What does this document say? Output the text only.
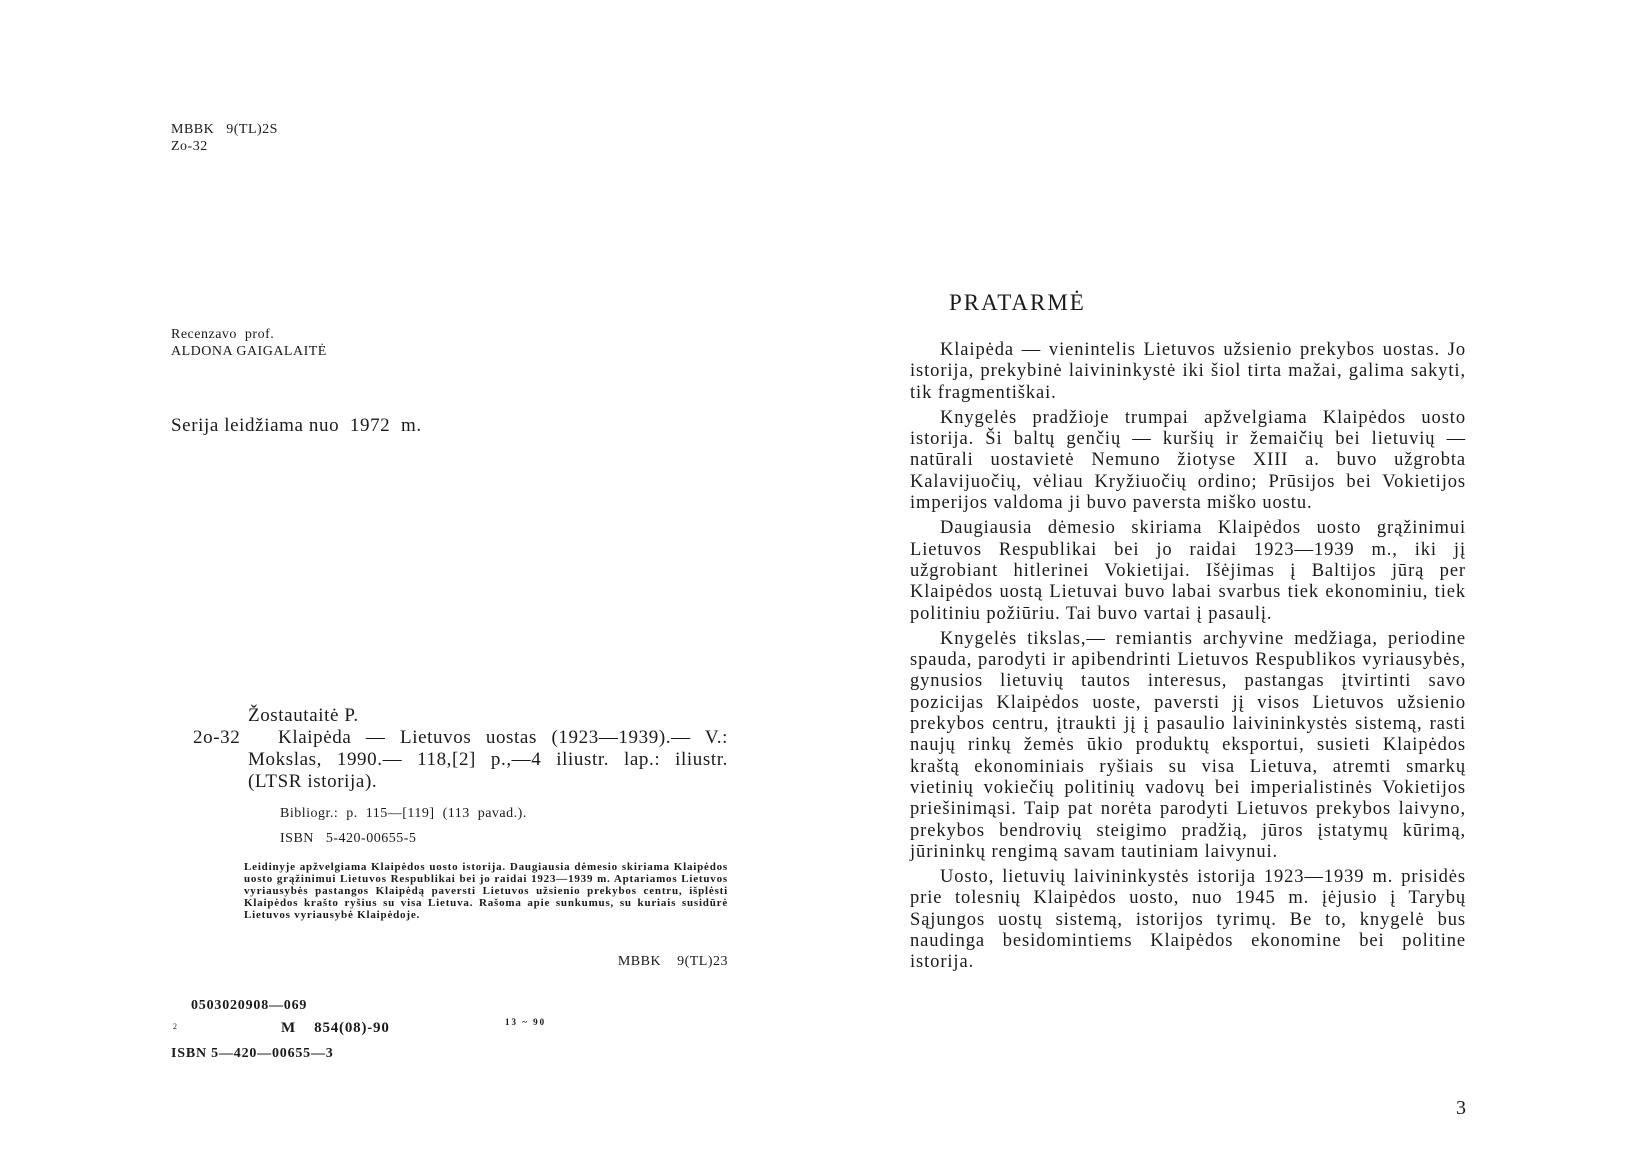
MBBK   9(TL)2S
Zo-32
Recenzavo  prof.
ALDONA GAIGALAITĖ
Serija leidžiama nuo  1972  m.
Žostautaitė P.
2o-32	Klaipėda — Lietuvos uostas (1923—1939).— V.:
Mokslas, 1990.— 118,[2] p.,—4 iliustr. lap.: iliustr.
(LTSR istorija).
Bibliogr.:  p.  115—[119]  (113  pavad.).
ISBN   5-420-00655-5
Leidinyje apžvelgiama Klaipėdos uosto istorija. Daugiausia dėmesio skiriama Klaipėdos uosto grąžinimui Lietuvos Respublikai bei jo raidai 1923—1939 m. Aptariamos Lietuvos vyriausybės pastangos Klaipėdą paversti Lietuvos užsienio prekybos centru, išplėsti Klaipėdos krašto ryšius su visa Lietuva. Rašoma apie sunkumus, su kuriais susidūrė Lietuvos vyriausybė Klaipėdoje.
MBBK    9(TL)23
0503020908—069
2	M    854(08)-90	13 ~ 90
ISBN 5—420—00655—3
PRATARMĖ

Klaipėda — vienintelis Lietuvos užsienio prekybos uostas. Jo istorija, prekybinė laivininkystė iki šiol tirta mažai, galima sakyti, tik fragmentiškai.

Knygelės pradžioje trumpai apžvelgiama Klaipėdos uosto istorija. Ši baltų genčių — kuršių ir žemaičių bei lietuvių — natūrali uostavietė Nemuno žiotyse XIII a. buvo užgrobta Kalavijuočių, vėliau Kryžiuočių ordino; Prūsijos bei Vokietijos imperijos valdoma ji buvo paversta miško uostu.

Daugiausia dėmesio skiriama Klaipėdos uosto grąžinimui Lietuvos Respublikai bei jo raidai 1923—1939 m., iki jį užgrobiant hitlerinei Vokietijai. Išėjimas į Baltijos jūrą per Klaipėdos uostą Lietuvai buvo labai svarbus tiek ekonominiu, tiek politiniu požiūriu. Tai buvo vartai į pasaulį.

Knygelės tikslas,— remiantis archyvine medžiaga, periodine spauda, parodyti ir apibendrinti Lietuvos Respublikos vyriausybės, gynusios lietuvių tautos interesus, pastangas įtvirtinti savo pozicijas Klaipėdos uoste, paversti jį visos Lietuvos užsienio prekybos centru, įtraukti jį į pasaulio laivininkystės sistemą, rasti naujų rinkų žemės ūkio produktų eksportui, susieti Klaipėdos kraštą ekonominiais ryšiais su visa Lietuva, atremti smarkų vietinių vokiečių politinių vadovų bei imperialistinės Vokietijos priešinimąsi. Taip pat norėta parodyti Lietuvos prekybos laivyno, prekybos bendrovių steigimo pradžią, jūros įstatymų kūrimą, jūrininkų rengimą savam tautiniam laivynui.

Uosto, lietuvių laivininkystės istorija 1923—1939 m. prisidės prie tolesnių Klaipėdos uosto, nuo 1945 m. įėjusio į Tarybų Sąjungos uostų sistemą, istorijos tyrimų. Be to, knygelė bus naudinga besidomintiems Klaipėdos ekonomine bei politine istorija.

3
